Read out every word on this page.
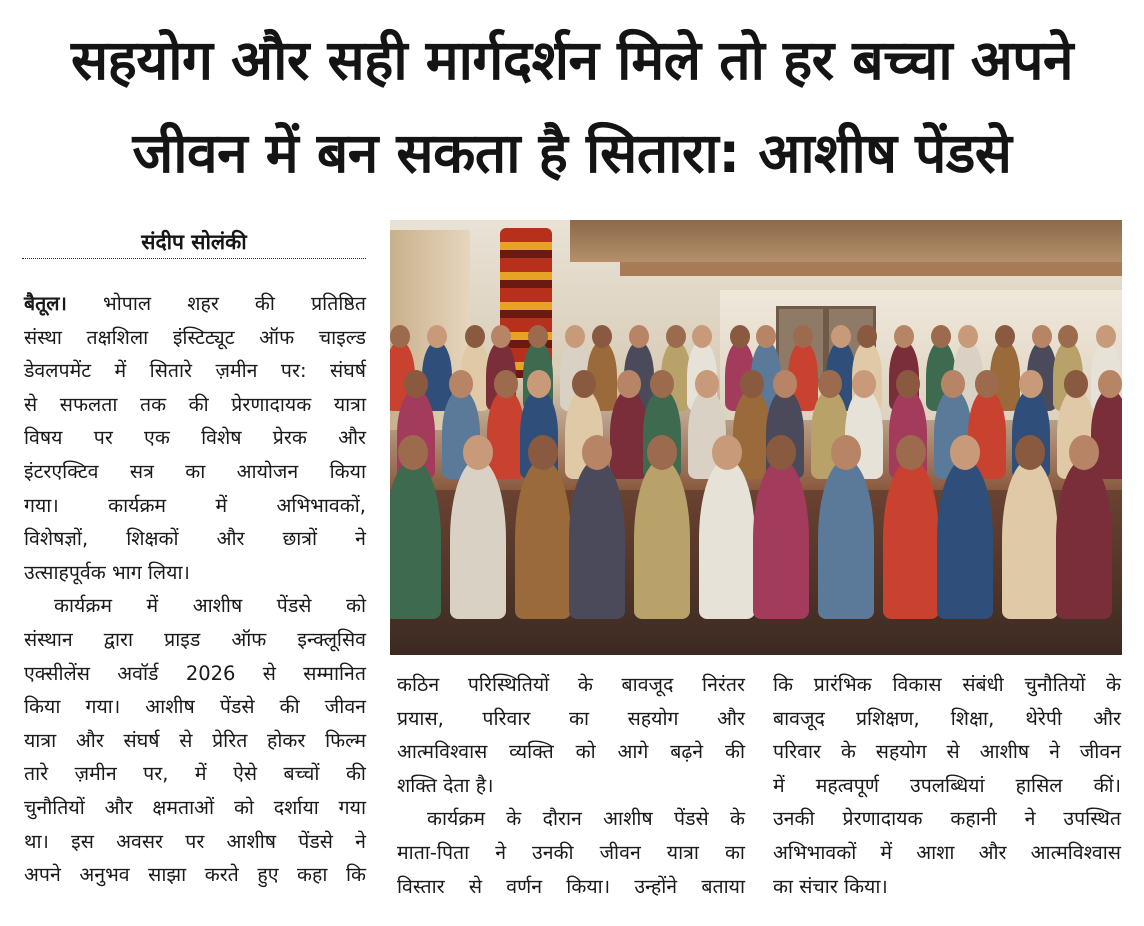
सहयोग और सही मार्गदर्शन मिले तो हर बच्चा अपने
जीवन में बन सकता है सितारा: आशीष पेंडसे
संदीप सोलंकी

बैतूल। भोपाल शहर की प्रतिष्ठित

संस्था तक्षशिला इंस्टिट्यूट ऑफ चाइल्ड

डेवलपमेंट में सितारे ज़मीन पर: संघर्ष

से सफलता तक की प्रेरणादायक यात्रा

विषय पर एक विशेष प्रेरक और

इंटरएक्टिव सत्र का आयोजन किया

गया। कार्यक्रम में अभिभावकों,

विशेषज्ञों, शिक्षकों और छात्रों ने

उत्साहपूर्वक भाग लिया।

कार्यक्रम में आशीष पेंडसे को

संस्थान द्वारा प्राइड ऑफ इन्क्लूसिव

एक्सीलेंस अवॉर्ड 2026 से सम्मानित

किया गया। आशीष पेंडसे की जीवन

यात्रा और संघर्ष से प्रेरित होकर फिल्म

तारे ज़मीन पर, में ऐसे बच्चों की

चुनौतियों और क्षमताओं को दर्शाया गया

था। इस अवसर पर आशीष पेंडसे ने

अपने अनुभव साझा करते हुए कहा कि

कठिन परिस्थितियों के बावजूद निरंतर

प्रयास, परिवार का सहयोग और

आत्मविश्वास व्यक्ति को आगे बढ़ने की

शक्ति देता है।

कार्यक्रम के दौरान आशीष पेंडसे के

माता-पिता ने उनकी जीवन यात्रा का

विस्तार से वर्णन किया। उन्होंने बताया

कि प्रारंभिक विकास संबंधी चुनौतियों के

बावजूद प्रशिक्षण, शिक्षा, थेरेपी और

परिवार के सहयोग से आशीष ने जीवन

में महत्वपूर्ण उपलब्धियां हासिल कीं।

उनकी प्रेरणादायक कहानी ने उपस्थित

अभिभावकों में आशा और आत्मविश्वास

का संचार किया।
